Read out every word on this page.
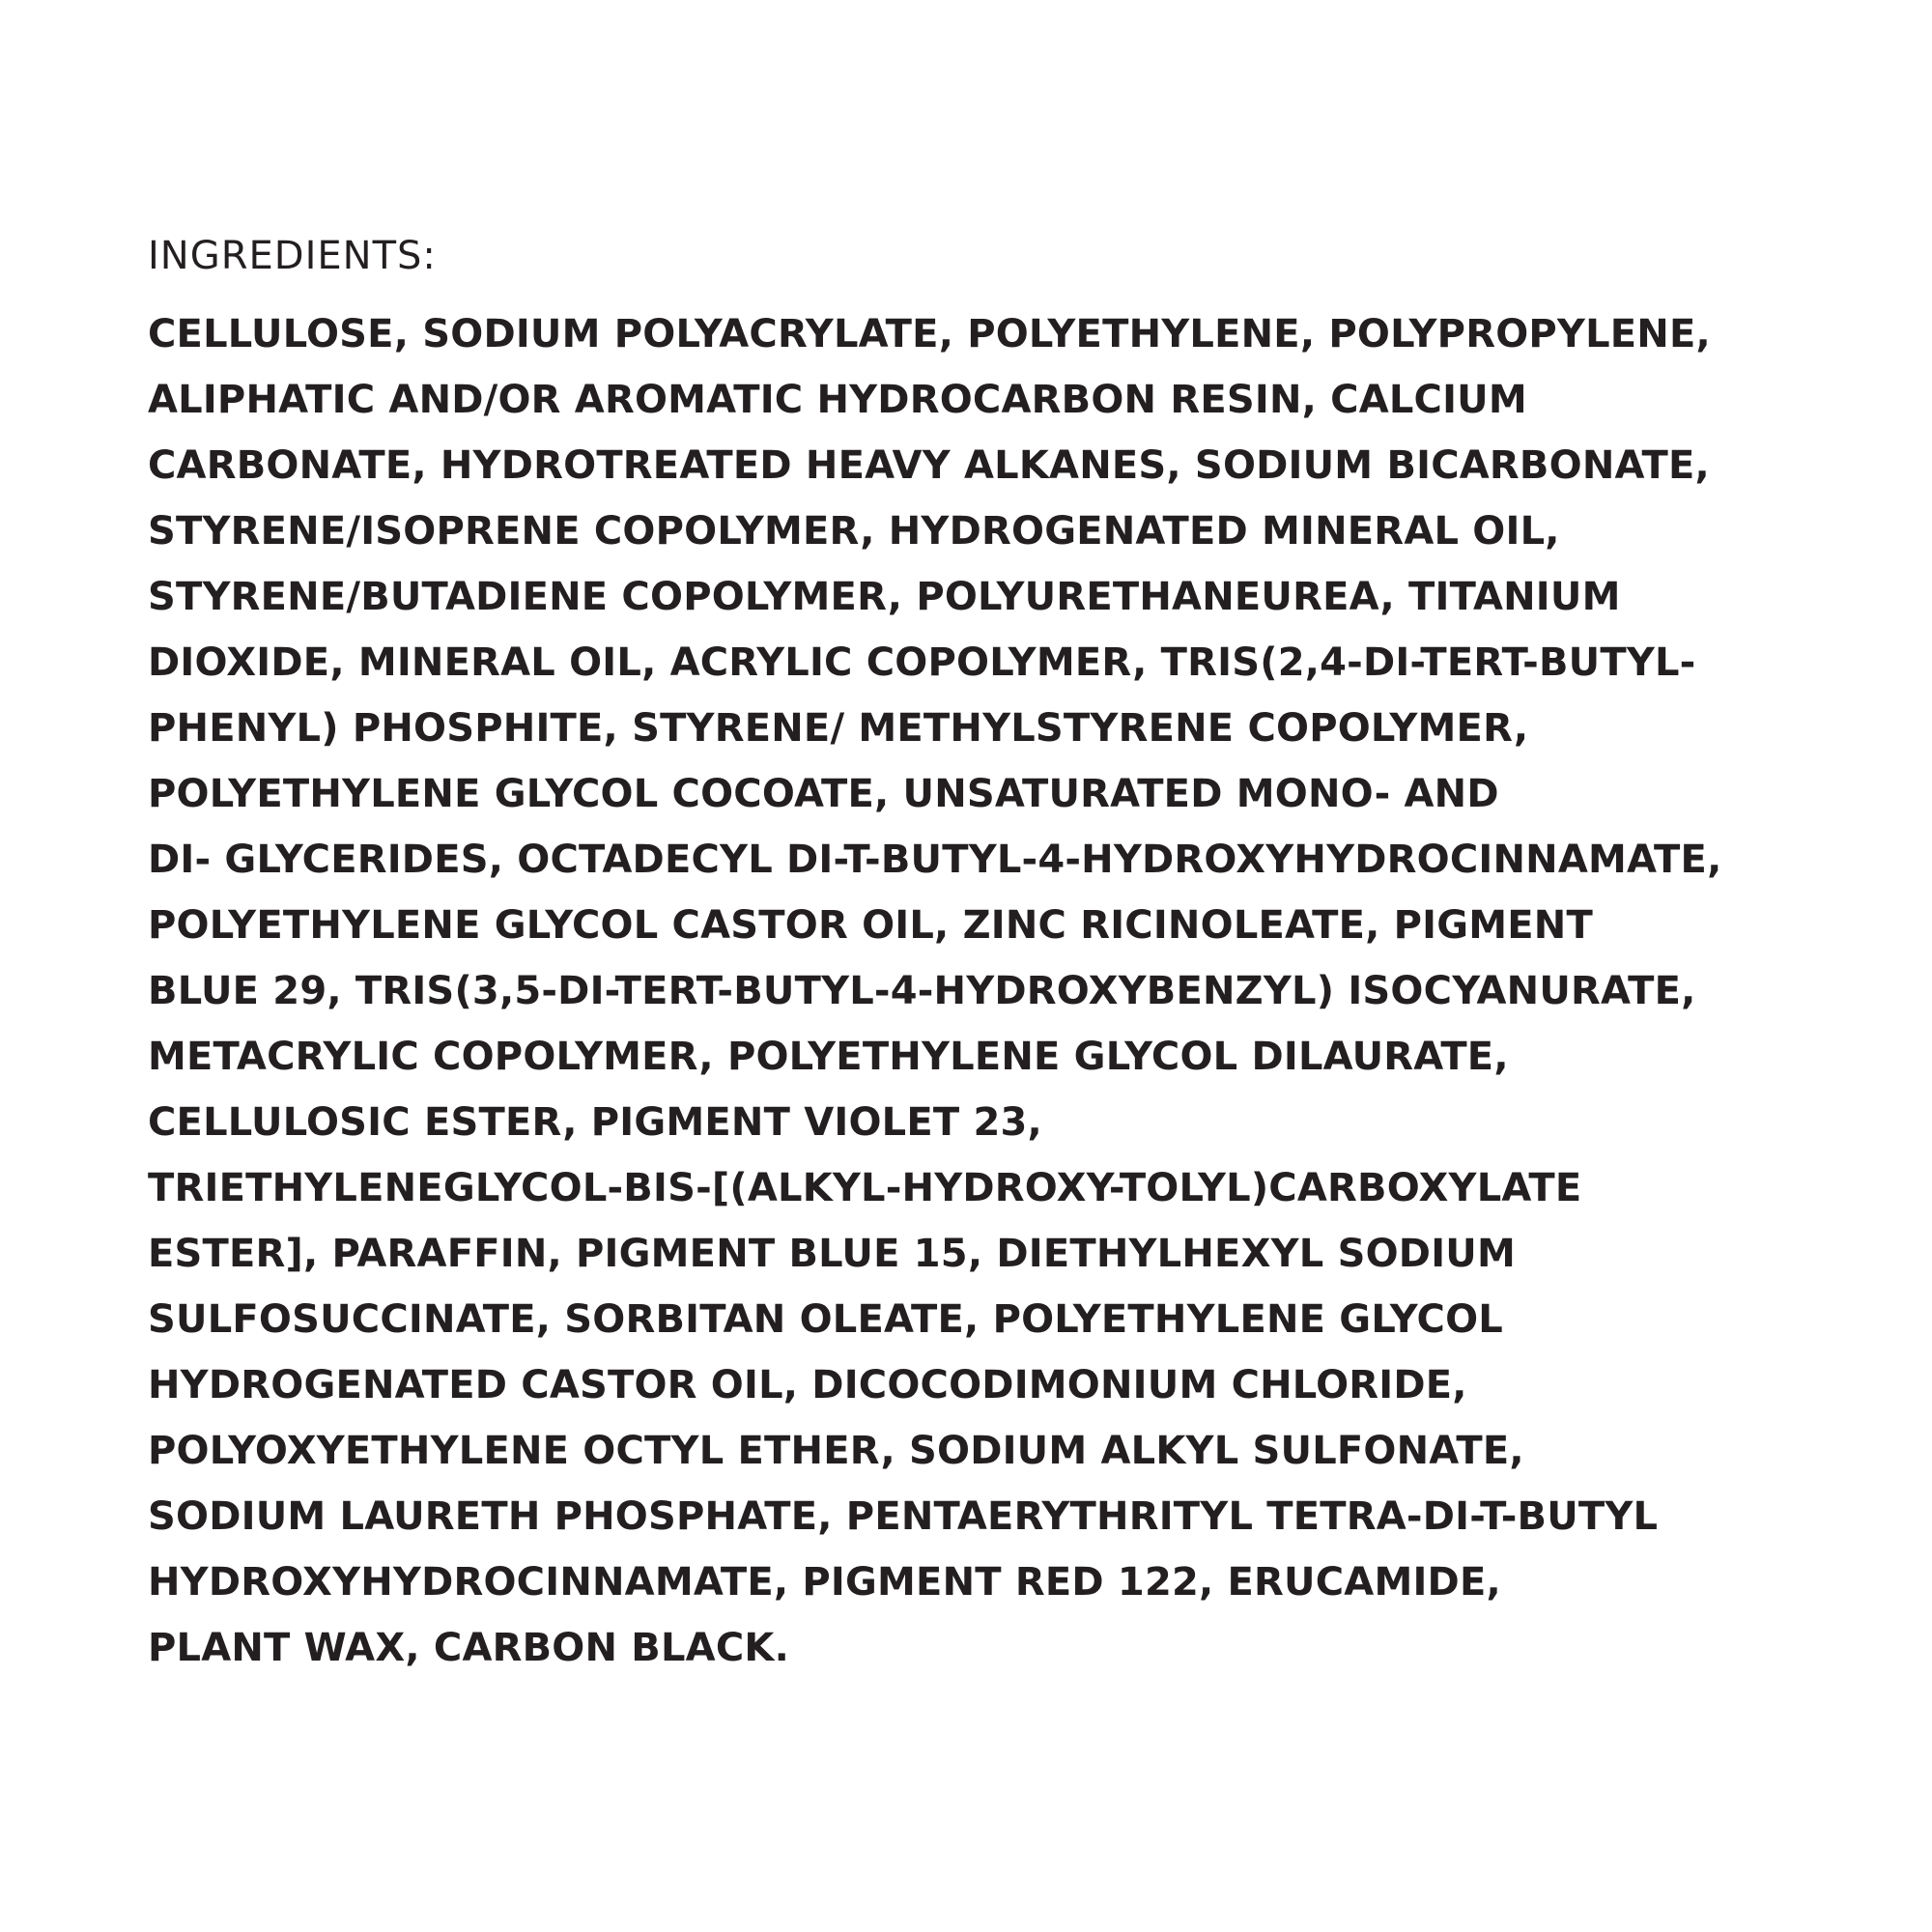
INGREDIENTS:
CELLULOSE, SODIUM POLYACRYLATE, POLYETHYLENE, POLYPROPYLENE,
ALIPHATIC AND/OR AROMATIC HYDROCARBON RESIN, CALCIUM
CARBONATE, HYDROTREATED HEAVY ALKANES, SODIUM BICARBONATE,
STYRENE/ISOPRENE COPOLYMER, HYDROGENATED MINERAL OIL,
STYRENE/BUTADIENE COPOLYMER, POLYURETHANEUREA, TITANIUM
DIOXIDE, MINERAL OIL, ACRYLIC COPOLYMER, TRIS(2,4-DI-TERT-BUTYL-
PHENYL) PHOSPHITE, STYRENE/ METHYLSTYRENE COPOLYMER,
POLYETHYLENE GLYCOL COCOATE, UNSATURATED MONO- AND
DI- GLYCERIDES, OCTADECYL DI-T-BUTYL-4-HYDROXYHYDROCINNAMATE,
POLYETHYLENE GLYCOL CASTOR OIL, ZINC RICINOLEATE, PIGMENT
BLUE 29, TRIS(3,5-DI-TERT-BUTYL-4-HYDROXYBENZYL) ISOCYANURATE,
METACRYLIC COPOLYMER, POLYETHYLENE GLYCOL DILAURATE,
CELLULOSIC ESTER, PIGMENT VIOLET 23,
TRIETHYLENEGLYCOL-BIS-[(ALKYL-HYDROXY-TOLYL)CARBOXYLATE
ESTER], PARAFFIN, PIGMENT BLUE 15, DIETHYLHEXYL SODIUM
SULFOSUCCINATE, SORBITAN OLEATE, POLYETHYLENE GLYCOL
HYDROGENATED CASTOR OIL, DICOCODIMONIUM CHLORIDE,
POLYOXYETHYLENE OCTYL ETHER, SODIUM ALKYL SULFONATE,
SODIUM LAURETH PHOSPHATE, PENTAERYTHRITYL TETRA-DI-T-BUTYL
HYDROXYHYDROCINNAMATE, PIGMENT RED 122, ERUCAMIDE,
PLANT WAX, CARBON BLACK.
